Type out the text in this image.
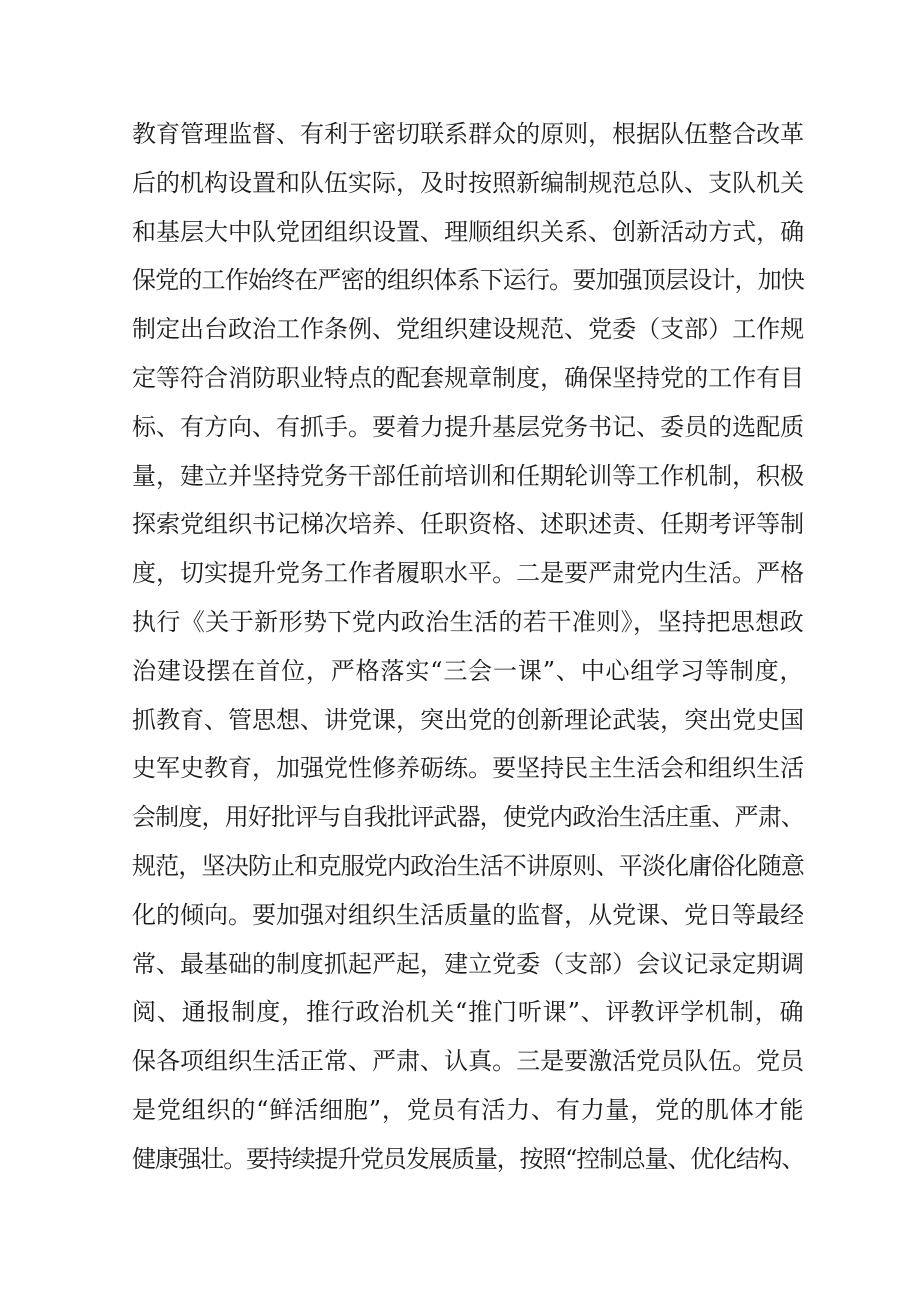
教育管理监督、有利于密切联系群众的原则，根据队伍整合改革
后的机构设置和队伍实际，及时按照新编制规范总队、支队机关
和基层大中队党团组织设置、理顺组织关系、创新活动方式，确
保党的工作始终在严密的组织体系下运行。要加强顶层设计，加快
制定出台政治工作条例、党组织建设规范、党委（支部）工作规
定等符合消防职业特点的配套规章制度，确保坚持党的工作有目
标、有方向、有抓手。要着力提升基层党务书记、委员的选配质
量，建立并坚持党务干部任前培训和任期轮训等工作机制，积极
探索党组织书记梯次培养、任职资格、述职述责、任期考评等制
度，切实提升党务工作者履职水平。二是要严肃党内生活。严格
执行《关于新形势下党内政治生活的若干准则》，坚持把思想政
治建设摆在首位，严格落实“三会一课”、中心组学习等制度，
抓教育、管思想、讲党课，突出党的创新理论武装，突出党史国
史军史教育，加强党性修养砺练。要坚持民主生活会和组织生活
会制度，用好批评与自我批评武器，使党内政治生活庄重、严肃、
规范，坚决防止和克服党内政治生活不讲原则、平淡化庸俗化随意
化的倾向。要加强对组织生活质量的监督，从党课、党日等最经
常、最基础的制度抓起严起，建立党委（支部）会议记录定期调
阅、通报制度，推行政治机关“推门听课”、评教评学机制，确
保各项组织生活正常、严肃、认真。三是要激活党员队伍。党员
是党组织的“鲜活细胞”，党员有活力、有力量，党的肌体才能
健康强壮。要持续提升党员发展质量，按照“控制总量、优化结构、
